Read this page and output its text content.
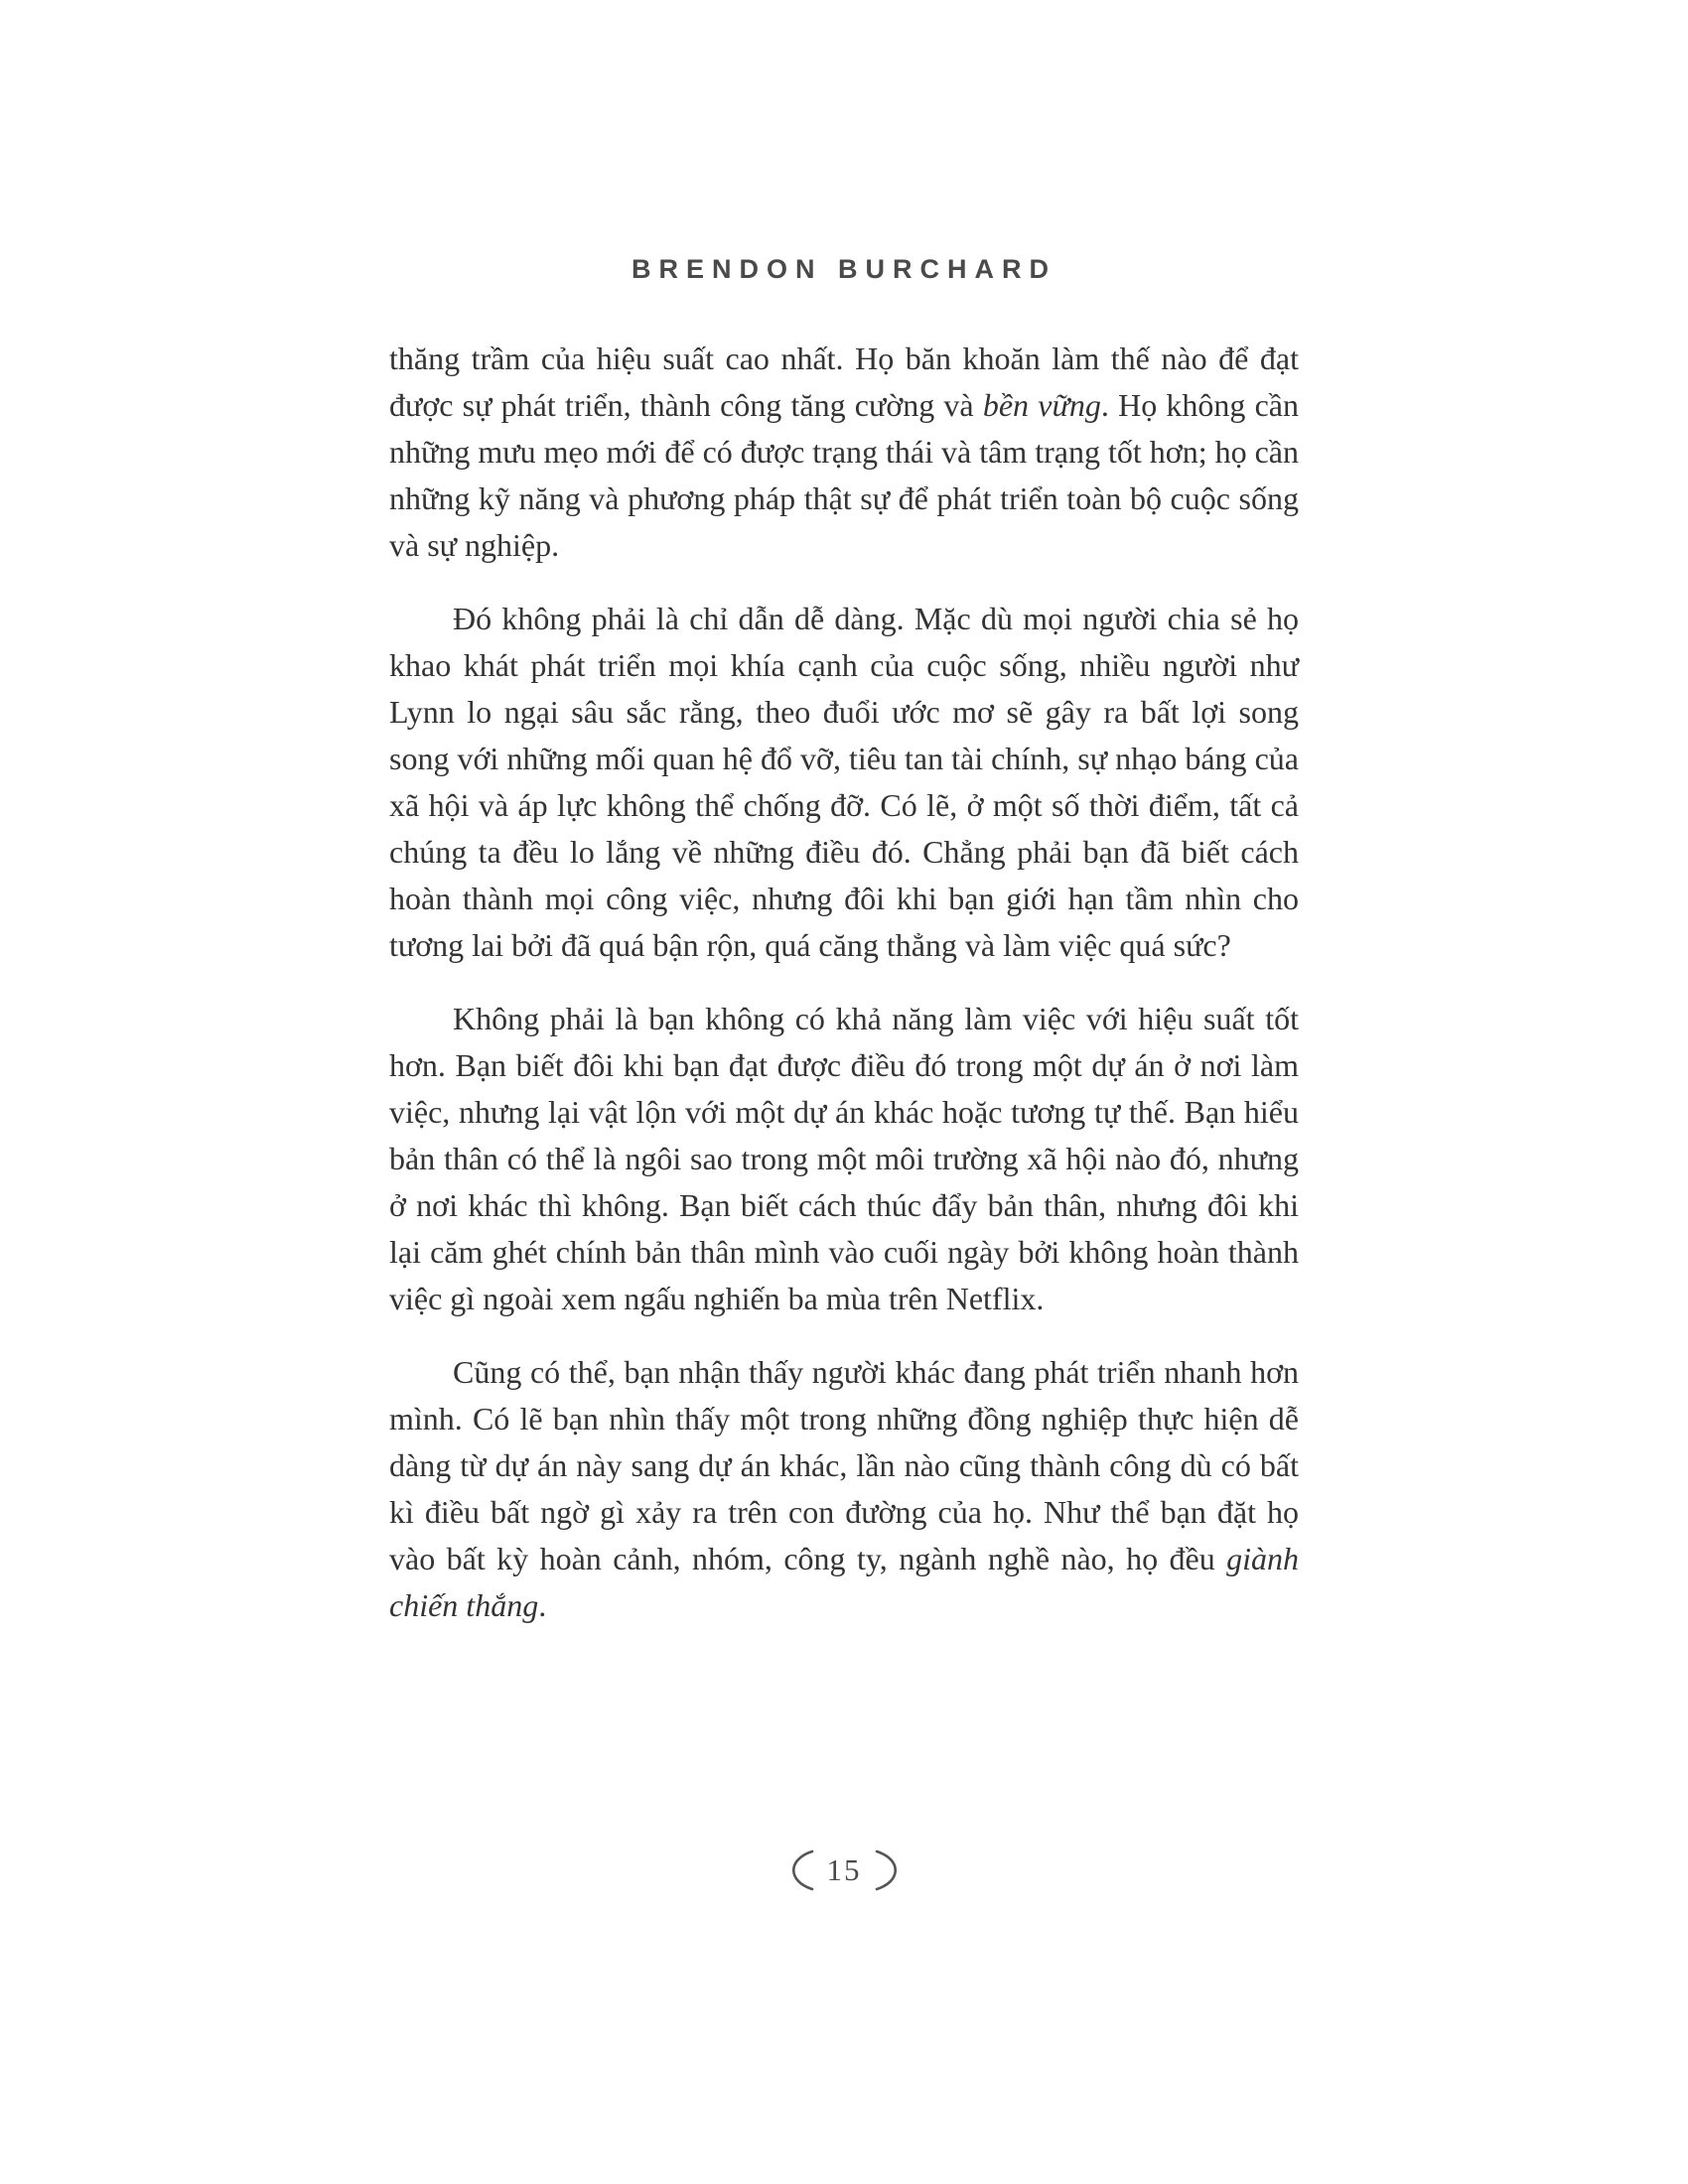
BRENDON BURCHARD

thăng trầm của hiệu suất cao nhất. Họ băn khoăn làm thế nào để đạt được sự phát triển, thành công tăng cường và bền vững. Họ không cần những mưu mẹo mới để có được trạng thái và tâm trạng tốt hơn; họ cần những kỹ năng và phương pháp thật sự để phát triển toàn bộ cuộc sống và sự nghiệp.

Đó không phải là chỉ dẫn dễ dàng. Mặc dù mọi người chia sẻ họ khao khát phát triển mọi khía cạnh của cuộc sống, nhiều người như Lynn lo ngại sâu sắc rằng, theo đuổi ước mơ sẽ gây ra bất lợi song song với những mối quan hệ đổ vỡ, tiêu tan tài chính, sự nhạo báng của xã hội và áp lực không thể chống đỡ. Có lẽ, ở một số thời điểm, tất cả chúng ta đều lo lắng về những điều đó. Chẳng phải bạn đã biết cách hoàn thành mọi công việc, nhưng đôi khi bạn giới hạn tầm nhìn cho tương lai bởi đã quá bận rộn, quá căng thẳng và làm việc quá sức?

Không phải là bạn không có khả năng làm việc với hiệu suất tốt hơn. Bạn biết đôi khi bạn đạt được điều đó trong một dự án ở nơi làm việc, nhưng lại vật lộn với một dự án khác hoặc tương tự thế. Bạn hiểu bản thân có thể là ngôi sao trong một môi trường xã hội nào đó, nhưng ở nơi khác thì không. Bạn biết cách thúc đẩy bản thân, nhưng đôi khi lại căm ghét chính bản thân mình vào cuối ngày bởi không hoàn thành việc gì ngoài xem ngấu nghiến ba mùa trên Netflix.

Cũng có thể, bạn nhận thấy người khác đang phát triển nhanh hơn mình. Có lẽ bạn nhìn thấy một trong những đồng nghiệp thực hiện dễ dàng từ dự án này sang dự án khác, lần nào cũng thành công dù có bất kì điều bất ngờ gì xảy ra trên con đường của họ. Như thể bạn đặt họ vào bất kỳ hoàn cảnh, nhóm, công ty, ngành nghề nào, họ đều giành chiến thắng.

15
